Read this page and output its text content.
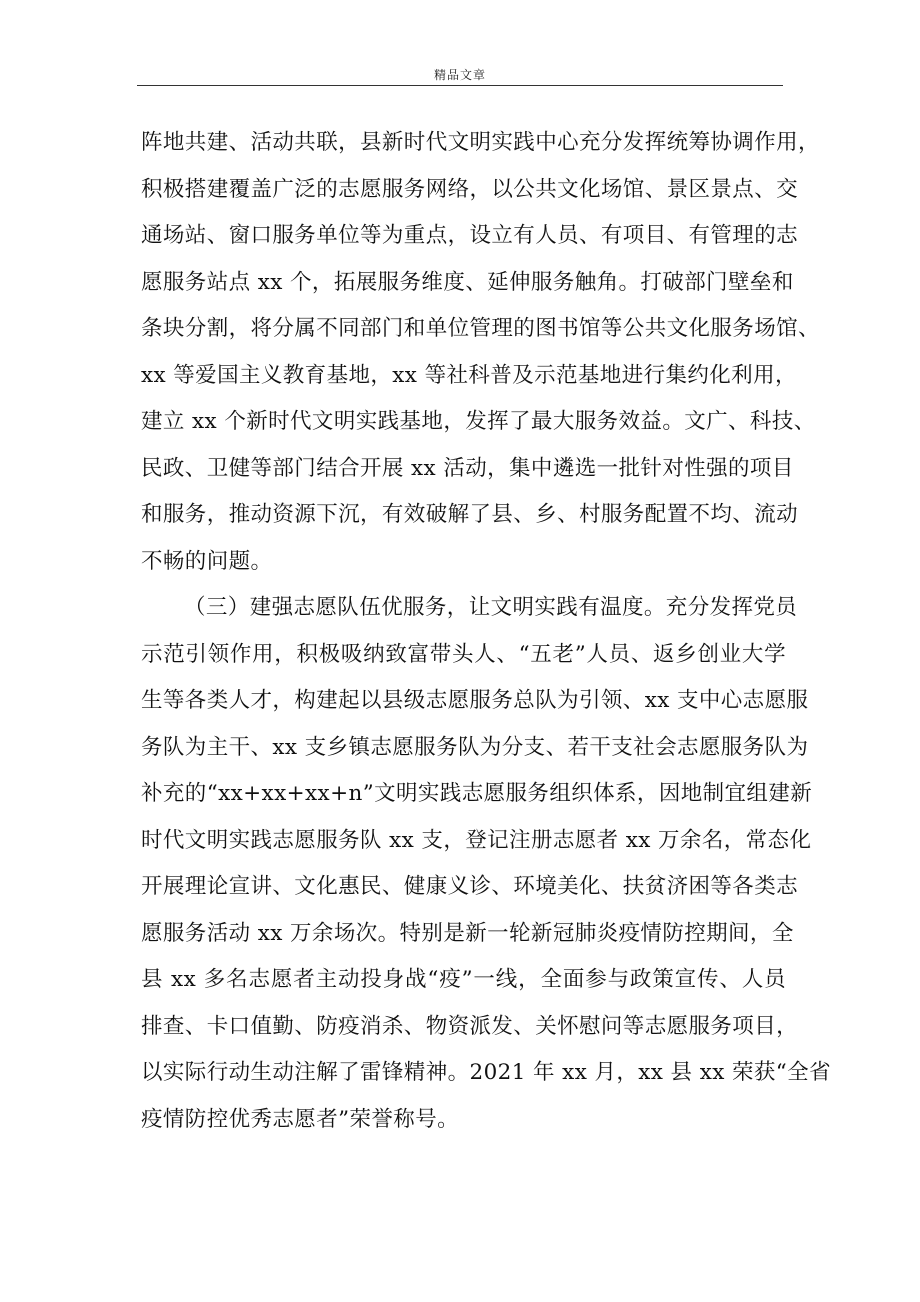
精品文章
阵地共建、活动共联，县新时代文明实践中心充分发挥统筹协调作用，
积极搭建覆盖广泛的志愿服务网络，以公共文化场馆、景区景点、交
通场站、窗口服务单位等为重点，设立有人员、有项目、有管理的志
愿服务站点 xx 个，拓展服务维度、延伸服务触角。打破部门壁垒和
条块分割，将分属不同部门和单位管理的图书馆等公共文化服务场馆、
xx 等爱国主义教育基地，xx 等社科普及示范基地进行集约化利用，
建立 xx 个新时代文明实践基地，发挥了最大服务效益。文广、科技、
民政、卫健等部门结合开展 xx 活动，集中遴选一批针对性强的项目
和服务，推动资源下沉，有效破解了县、乡、村服务配置不均、流动
不畅的问题。
（三）建强志愿队伍优服务，让文明实践有温度。充分发挥党员
示范引领作用，积极吸纳致富带头人、“五老”人员、返乡创业大学
生等各类人才，构建起以县级志愿服务总队为引领、xx 支中心志愿服
务队为主干、xx 支乡镇志愿服务队为分支、若干支社会志愿服务队为
补充的“xx+xx+xx+n”文明实践志愿服务组织体系，因地制宜组建新
时代文明实践志愿服务队 xx 支，登记注册志愿者 xx 万余名，常态化
开展理论宣讲、文化惠民、健康义诊、环境美化、扶贫济困等各类志
愿服务活动 xx 万余场次。特别是新一轮新冠肺炎疫情防控期间，全
县 xx 多名志愿者主动投身战“疫”一线，全面参与政策宣传、人员
排查、卡口值勤、防疫消杀、物资派发、关怀慰问等志愿服务项目，
以实际行动生动注解了雷锋精神。2021 年 xx 月，xx 县 xx 荣获“全省
疫情防控优秀志愿者”荣誉称号。
